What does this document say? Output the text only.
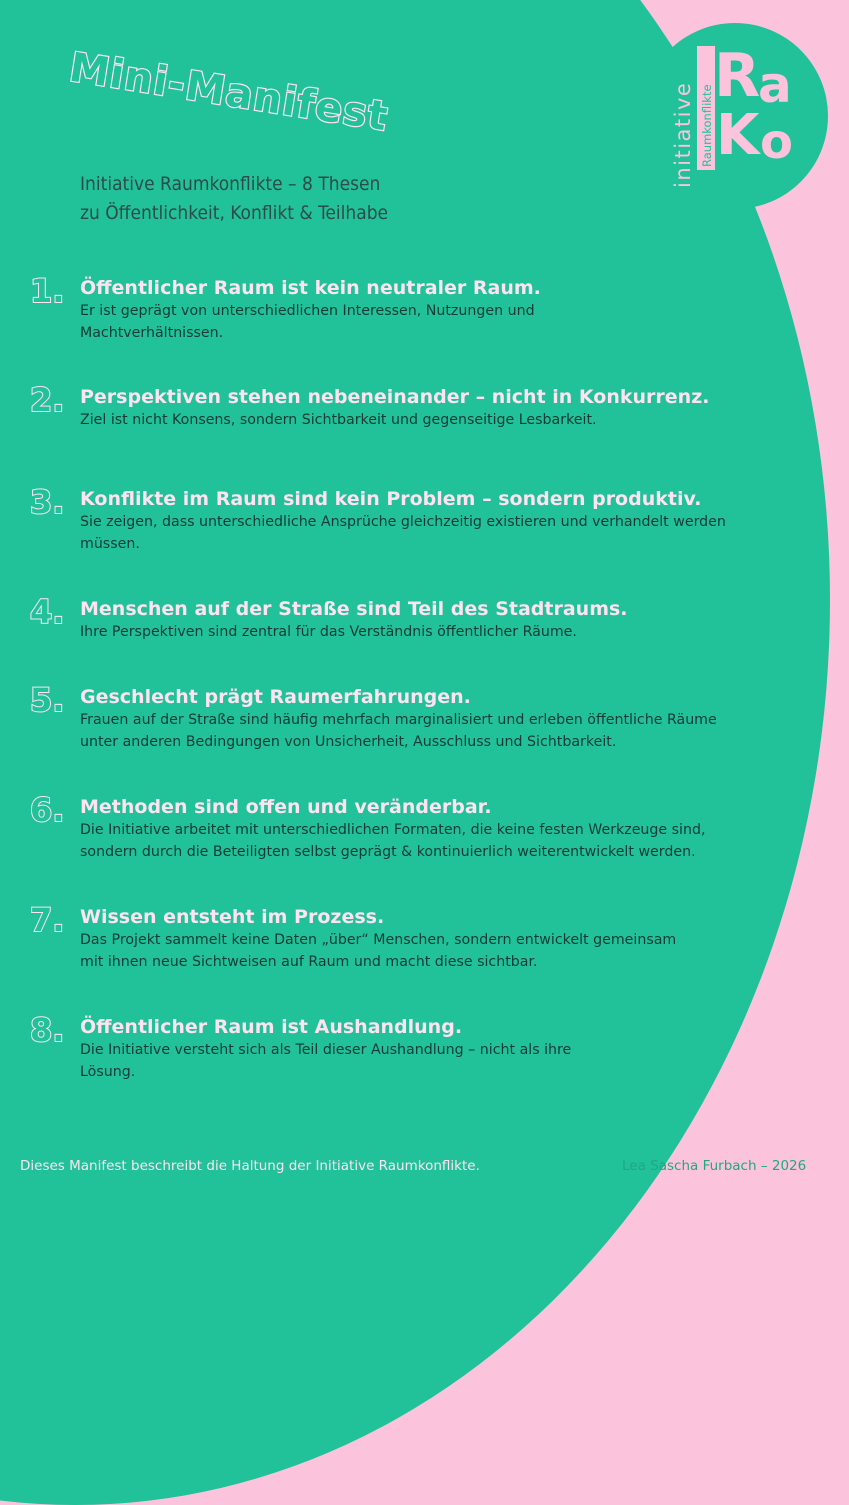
Mini-Manifest	initiative Raumkonflikte
R
a
K o
Initiative Raumkonflikte – 8 Thesen
zu Öffentlichkeit, Konflikt & Teilhabe
1. Öffentlicher Raum ist kein neutraler Raum.
Er ist geprägt von unterschiedlichen Interessen, Nutzungen und
Machtverhältnissen.
2. Perspektiven stehen nebeneinander – nicht in Konkurrenz.
Ziel ist nicht Konsens, sondern Sichtbarkeit und gegenseitige Lesbarkeit.
3. Konflikte im Raum sind kein Problem – sondern produktiv.
Sie zeigen, dass unterschiedliche Ansprüche gleichzeitig existieren und verhandelt werden
müssen.
4. Menschen auf der Straße sind Teil des Stadtraums.
Ihre Perspektiven sind zentral für das Verständnis öffentlicher Räume.
5. Geschlecht prägt Raumerfahrungen.
Frauen auf der Straße sind häufig mehrfach marginalisiert und erleben öffentliche Räume
unter anderen Bedingungen von Unsicherheit, Ausschluss und Sichtbarkeit.
6. Methoden sind offen und veränderbar.
Die Initiative arbeitet mit unterschiedlichen Formaten, die keine festen Werkzeuge sind,
sondern durch die Beteiligten selbst geprägt & kontinuierlich weiterentwickelt werden.
7. Wissen entsteht im Prozess.
Das Projekt sammelt keine Daten „über“ Menschen, sondern entwickelt gemeinsam
mit ihnen neue Sichtweisen auf Raum und macht diese sichtbar.
8. Öffentlicher Raum ist Aushandlung.
Die Initiative versteht sich als Teil dieser Aushandlung – nicht als ihre
Lösung.
Dieses Manifest beschreibt die Haltung der Initiative Raumkonflikte.	Lea Sascha Furbach – 2026
